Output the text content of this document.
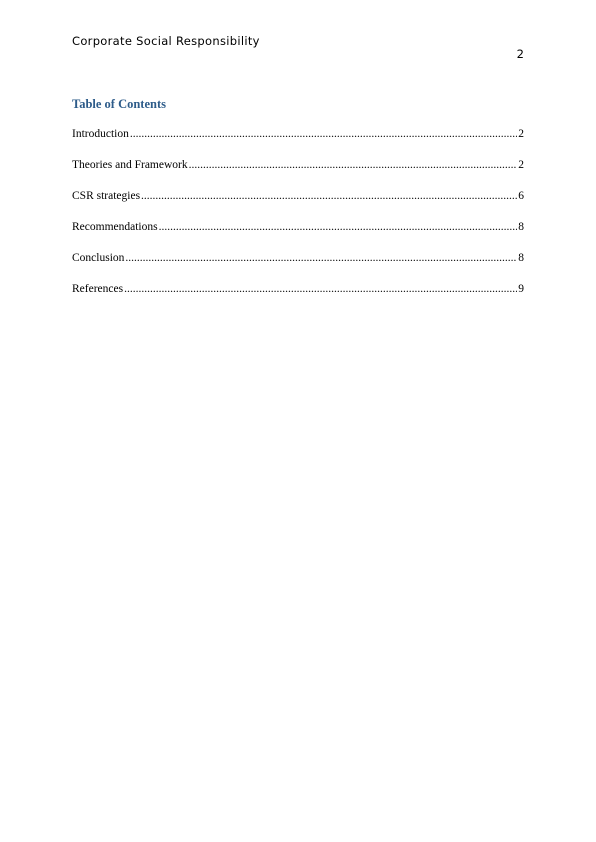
Corporate Social Responsibility
2
Table of Contents
Introduction .....	2
Theories and Framework .....	2
CSR strategies .....	6
Recommendations .....	8
Conclusion .....	8
References .....	9
